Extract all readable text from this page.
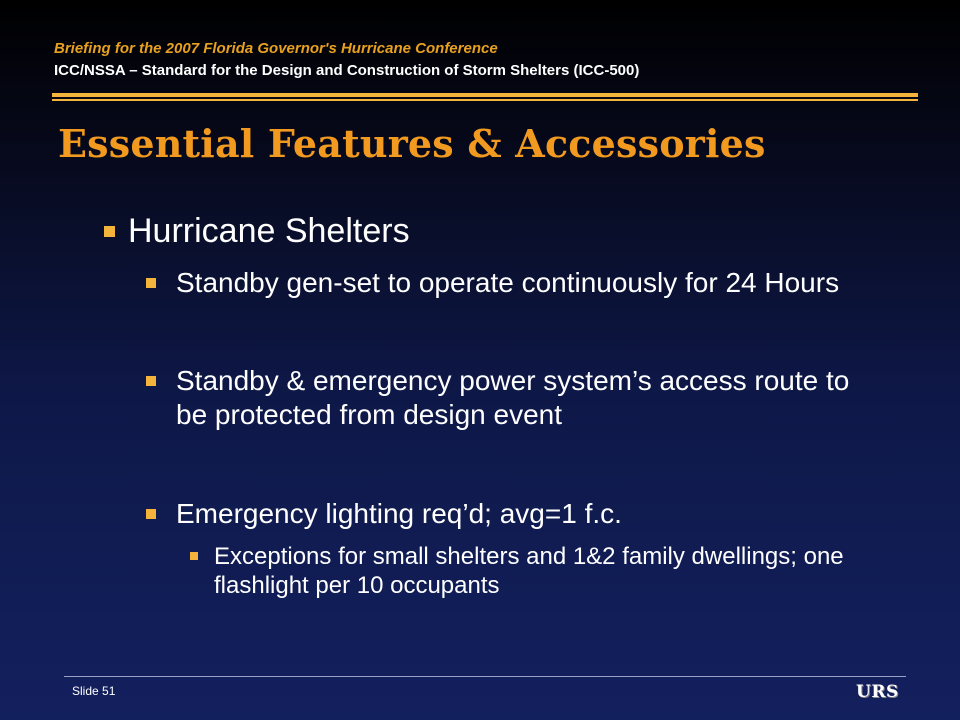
Briefing for the 2007 Florida Governor's Hurricane Conference
ICC/NSSA – Standard for the Design and Construction of Storm Shelters (ICC-500)
Essential Features & Accessories
Hurricane Shelters
Standby gen-set to operate continuously for 24 Hours
Standby & emergency power system’s access route to be protected from design event
Emergency lighting req’d; avg=1 f.c.
Exceptions for small shelters and 1&2 family dwellings; one flashlight per 10 occupants
Slide 51	URS
